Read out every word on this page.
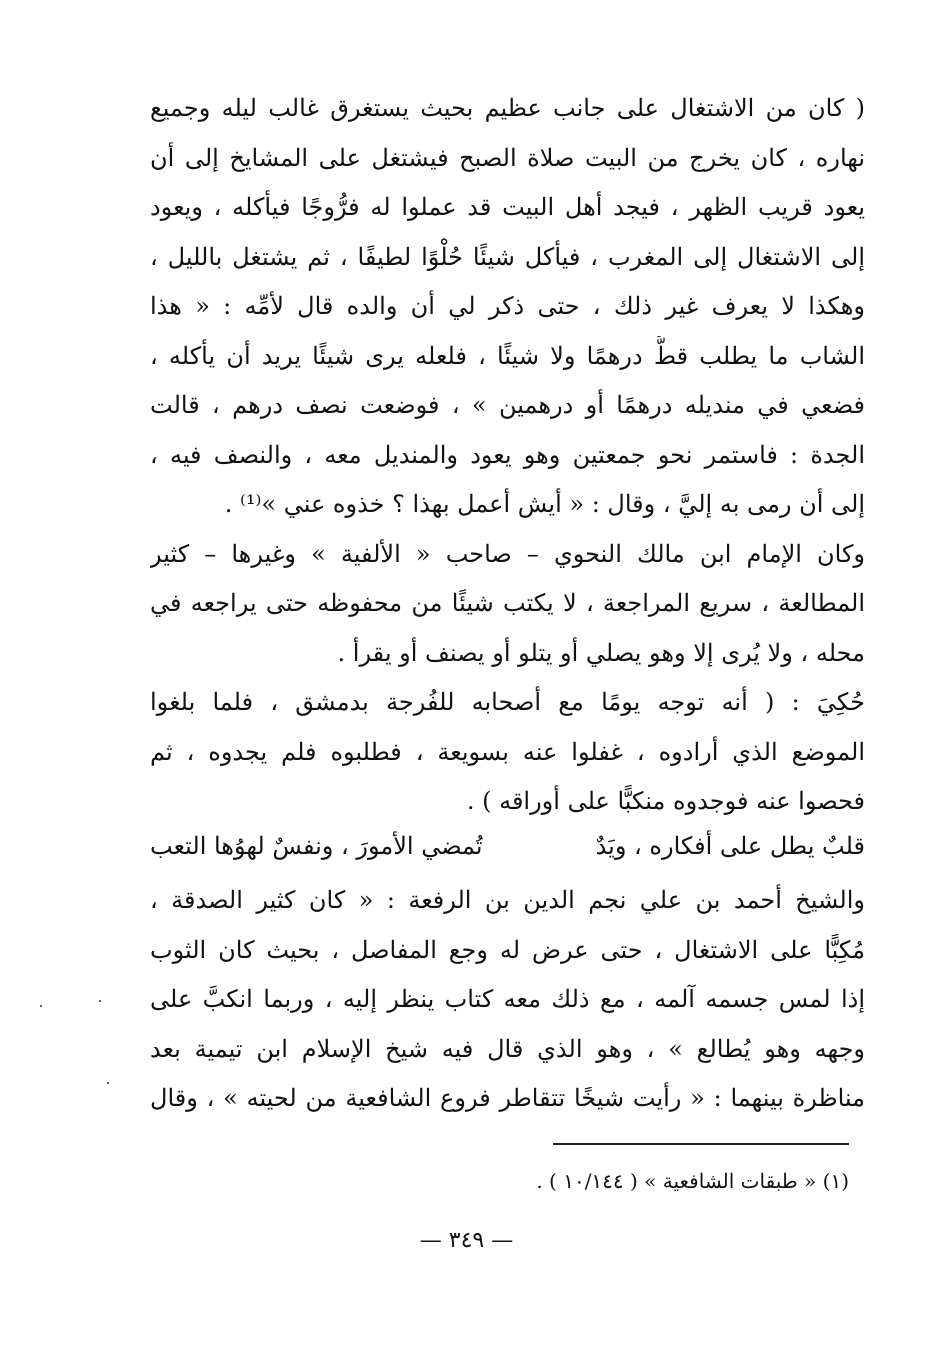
( كان من الاشتغال على جانب عظيم بحيث يستغرق غالب ليله وجميع
نهاره ، كان يخرج من البيت صلاة الصبح فيشتغل على المشايخ إلى أن
يعود قريب الظهر ، فيجد أهل البيت قد عملوا له فرُّوجًا فيأكله ، ويعود
إلى الاشتغال إلى المغرب ، فيأكل شيئًا حُلْوًا لطيفًا ، ثم يشتغل بالليل ،
وهكذا لا يعرف غير ذلك ، حتى ذكر لي أن والده قال لأمِّه : « هذا
الشاب ما يطلب قطُّ درهمًا ولا شيئًا ، فلعله يرى شيئًا يريد أن يأكله ،
فضعي في منديله درهمًا أو درهمين » ، فوضعت نصف درهم ، قالت
الجدة : فاستمر نحو جمعتين وهو يعود والمنديل معه ، والنصف فيه ،
إلى أن رمى به إليَّ ، وقال : « أيش أعمل بهذا ؟ خذوه عني »⁽¹⁾ .
وكان الإمام ابن مالك النحوي – صاحب « الألفية » وغيرها – كثير
المطالعة ، سريع المراجعة ، لا يكتب شيئًا من محفوظه حتى يراجعه في
محله ، ولا يُرى إلا وهو يصلي أو يتلو أو يصنف أو يقرأ .
حُكِيَ : ( أنه توجه يومًا مع أصحابه للفُرجة بدمشق ، فلما بلغوا
الموضع الذي أرادوه ، غفلوا عنه بسويعة ، فطلبوه فلم يجدوه ، ثم
فحصوا عنه فوجدوه منكبًّا على أوراقه ) .
قلبٌ يطل على أفكاره ، ويَدٌ
تُمضي الأمورَ ، ونفسٌ لهوُها التعب
والشيخ أحمد بن علي نجم الدين بن الرفعة : « كان كثير الصدقة ،
مُكِبًّا على الاشتغال ، حتى عرض له وجع المفاصل ، بحيث كان الثوب
إذا لمس جسمه آلمه ، مع ذلك معه كتاب ينظر إليه ، وربما انكبَّ على
وجهه وهو يُطالع » ، وهو الذي قال فيه شيخ الإسلام ابن تيمية بعد
مناظرة بينهما : « رأيت شيخًا تتقاطر فروع الشافعية من لحيته » ، وقال
(١) « طبقات الشافعية » ( ١٠/١٤٤ ) .
— ٣٤٩ —
